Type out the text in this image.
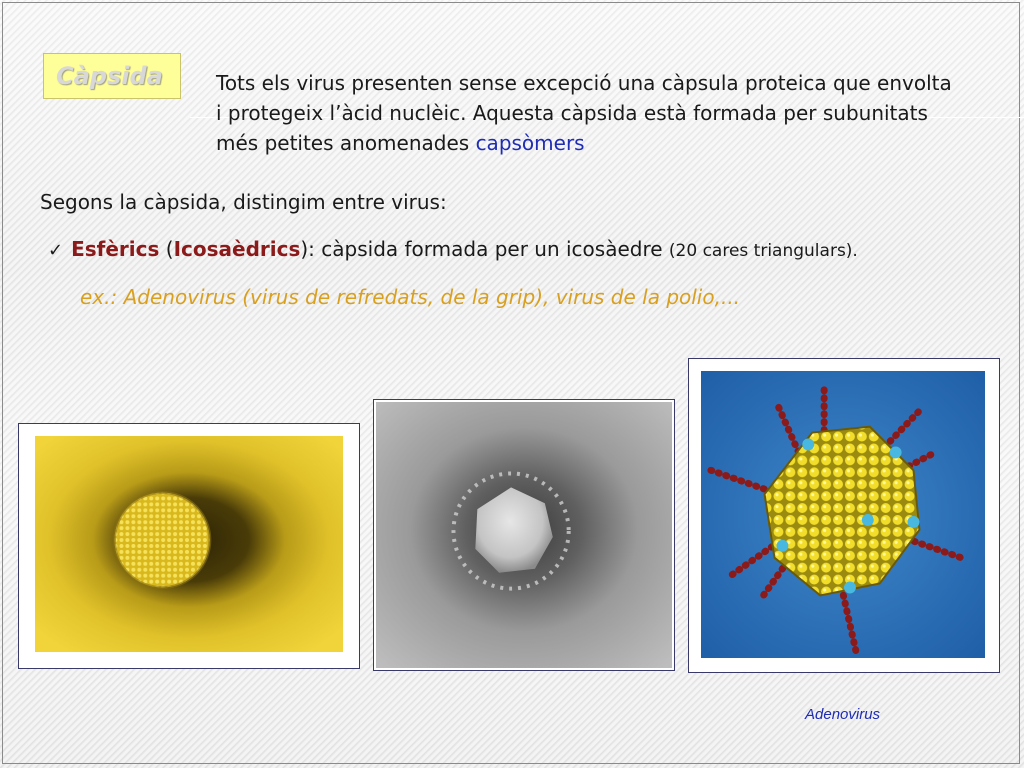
Càpsida	Tots els virus presenten sense excepció una càpsula proteica que envolta i protegeix l’àcid nuclèic. Aquesta càpsida està formada per subunitats més petites anomenades capsòmers
Segons la càpsida, distingim entre virus:
✓ Esfèrics (Icosaèdrics): càpsida formada per un icosàedre (20 cares triangulars).
ex.: Adenovirus (virus de refredats, de la grip), virus de la polio,...
Adenovirus
